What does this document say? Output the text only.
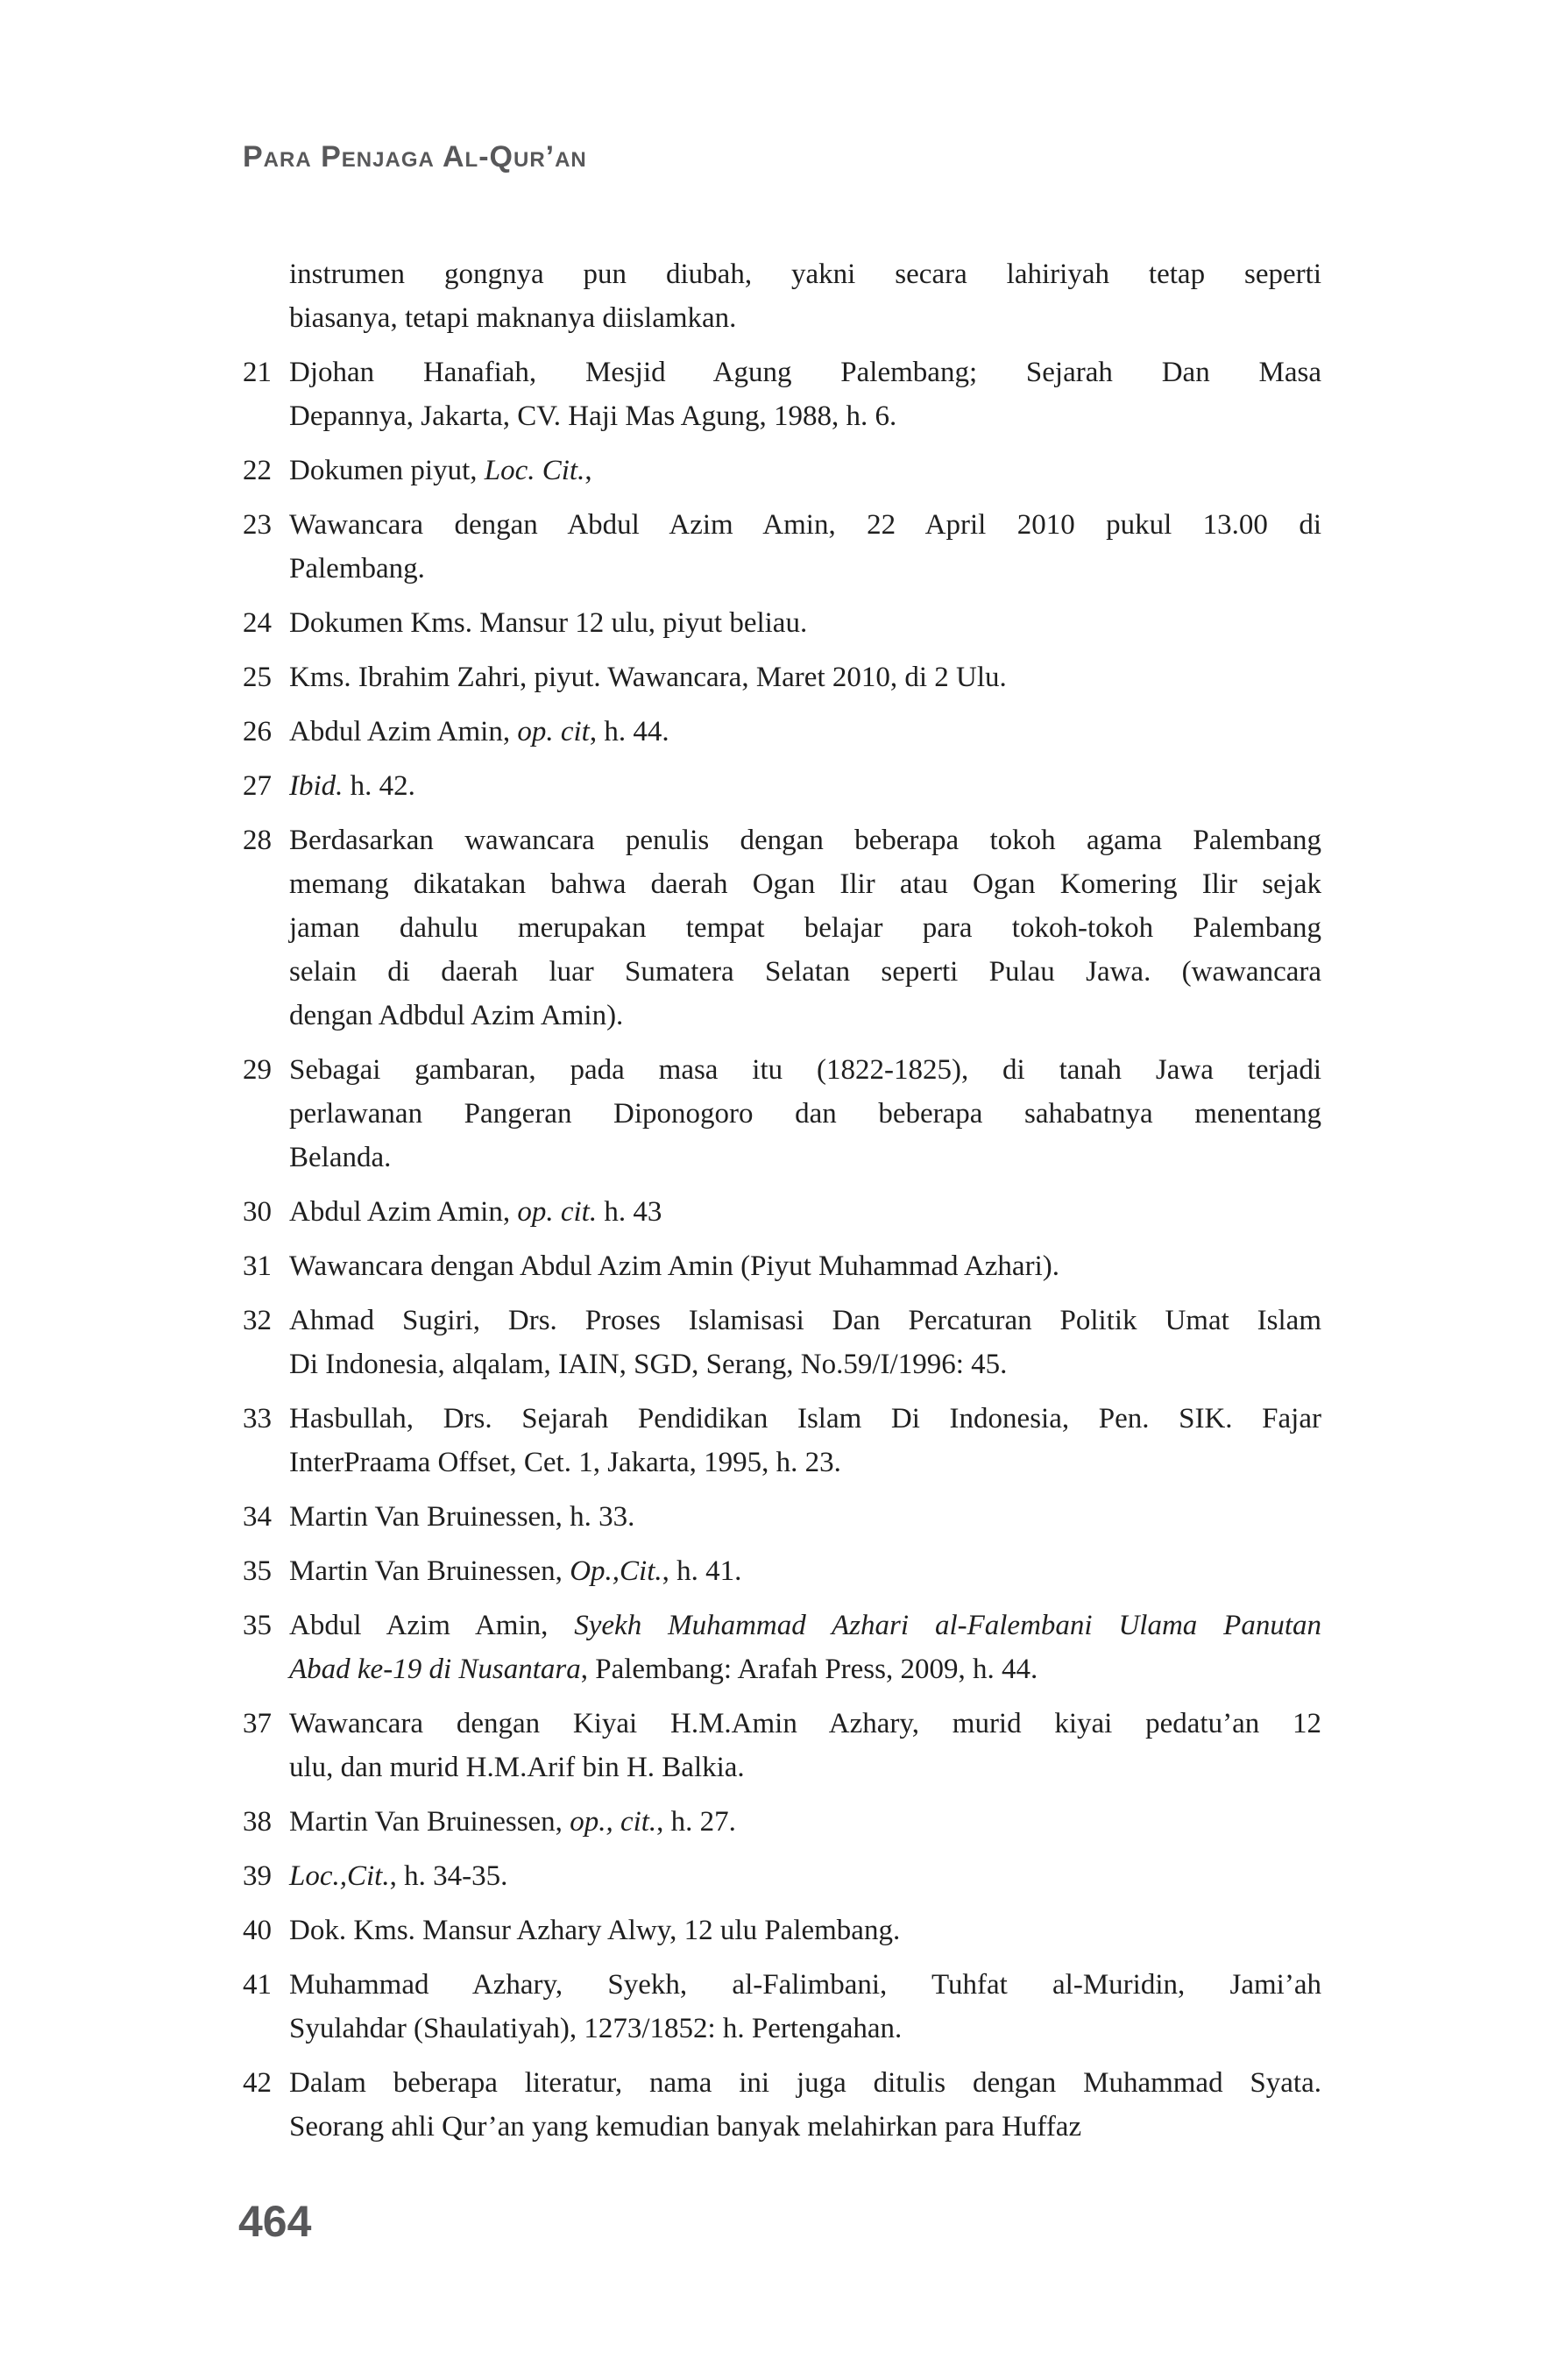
Para Penjaga Al-Qur’an
instrumen gongnya pun diubah, yakni secara lahiriyah tetap seperti
biasanya, tetapi maknanya diislamkan.
21 Djohan Hanafiah, Mesjid Agung Palembang; Sejarah Dan Masa
Depannya, Jakarta, CV. Haji Mas Agung, 1988, h. 6.
22 Dokumen piyut, Loc. Cit.,
23 Wawancara dengan Abdul Azim Amin, 22 April 2010 pukul 13.00 di
Palembang.
24 Dokumen Kms. Mansur 12 ulu, piyut beliau.
25 Kms. Ibrahim Zahri, piyut. Wawancara, Maret 2010, di 2 Ulu.
26 Abdul Azim Amin, op. cit, h. 44.
27 Ibid. h. 42.
28 Berdasarkan wawancara penulis dengan beberapa tokoh agama Palembang
memang dikatakan bahwa daerah Ogan Ilir atau Ogan Komering Ilir sejak
jaman dahulu merupakan tempat belajar para tokoh-tokoh Palembang
selain di daerah luar Sumatera Selatan seperti Pulau Jawa. (wawancara
dengan Adbdul Azim Amin).
29 Sebagai gambaran, pada masa itu (1822-1825), di tanah Jawa terjadi
perlawanan Pangeran Diponogoro dan beberapa sahabatnya menentang
Belanda.
30 Abdul Azim Amin, op. cit. h. 43
31 Wawancara dengan Abdul Azim Amin (Piyut Muhammad Azhari).
32 Ahmad Sugiri, Drs. Proses Islamisasi Dan Percaturan Politik Umat Islam
Di Indonesia, alqalam, IAIN, SGD, Serang, No.59/I/1996: 45.
33 Hasbullah, Drs. Sejarah Pendidikan Islam Di Indonesia, Pen. SIK. Fajar
InterPraama Offset, Cet. 1, Jakarta, 1995, h. 23.
34 Martin Van Bruinessen, h. 33.
35 Martin Van Bruinessen, Op.,Cit., h. 41.
35 Abdul Azim Amin, Syekh Muhammad Azhari al-Falembani Ulama Panutan
Abad ke-19 di Nusantara, Palembang: Arafah Press, 2009, h. 44.
37 Wawancara dengan Kiyai H.M.Amin Azhary, murid kiyai pedatu’an 12
ulu, dan murid H.M.Arif bin H. Balkia.
38 Martin Van Bruinessen, op., cit., h. 27.
39 Loc.,Cit., h. 34-35.
40 Dok. Kms. Mansur Azhary Alwy, 12 ulu Palembang.
41 Muhammad Azhary, Syekh, al-Falimbani, Tuhfat al-Muridin, Jami’ah
Syulahdar (Shaulatiyah), 1273/1852: h. Pertengahan.
42 Dalam beberapa literatur, nama ini juga ditulis dengan Muhammad Syata.
Seorang ahli Qur’an yang kemudian banyak melahirkan para Huffaz
464
